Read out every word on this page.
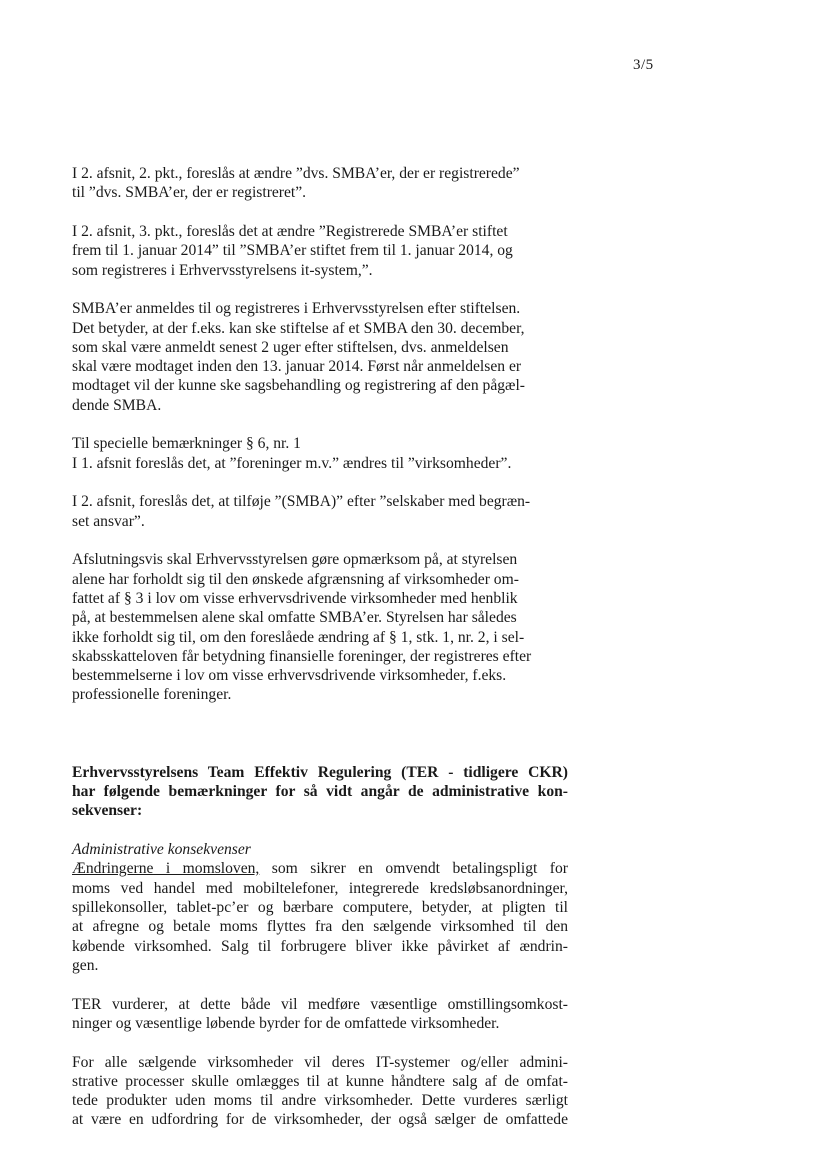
3/5

I 2. afsnit, 2. pkt., foreslås at ændre ”dvs. SMBA’er, der er registrerede”
til ”dvs. SMBA’er, der er registreret”.

I 2. afsnit, 3. pkt., foreslås det at ændre ”Registrerede SMBA’er stiftet
frem til 1. januar 2014” til ”SMBA’er stiftet frem til 1. januar 2014, og
som registreres i Erhvervsstyrelsens it-system,”.

SMBA’er anmeldes til og registreres i Erhvervsstyrelsen efter stiftelsen.
Det betyder, at der f.eks. kan ske stiftelse af et SMBA den 30. december,
som skal være anmeldt senest 2 uger efter stiftelsen, dvs. anmeldelsen
skal være modtaget inden den 13. januar 2014. Først når anmeldelsen er
modtaget vil der kunne ske sagsbehandling og registrering af den pågæl-
dende SMBA.

Til specielle bemærkninger § 6, nr. 1
I 1. afsnit foreslås det, at ”foreninger m.v.” ændres til ”virksomheder”.

I 2. afsnit, foreslås det, at tilføje ”(SMBA)” efter ”selskaber med begræn-
set ansvar”.

Afslutningsvis skal Erhvervsstyrelsen gøre opmærksom på, at styrelsen
alene har forholdt sig til den ønskede afgrænsning af virksomheder om-
fattet af § 3 i lov om visse erhvervsdrivende virksomheder med henblik
på, at bestemmelsen alene skal omfatte SMBA’er. Styrelsen har således
ikke forholdt sig til, om den foreslåede ændring af § 1, stk. 1, nr. 2, i sel-
skabsskatteloven får betydning finansielle foreninger, der registreres efter
bestemmelserne i lov om visse erhvervsdrivende virksomheder, f.eks.
professionelle foreninger.

Erhvervsstyrelsens Team Effektiv Regulering (TER - tidligere CKR)
har følgende bemærkninger for så vidt angår de administrative kon-
sekvenser:

Administrative konsekvenser
Ændringerne i momsloven, som sikrer en omvendt betalingspligt for
moms ved handel med mobiltelefoner, integrerede kredsløbsanordninger,
spillekonsoller, tablet-pc’er og bærbare computere, betyder, at pligten til
at afregne og betale moms flyttes fra den sælgende virksomhed til den
købende virksomhed. Salg til forbrugere bliver ikke påvirket af ændrin-
gen.

TER vurderer, at dette både vil medføre væsentlige omstillingsomkost-
ninger og væsentlige løbende byrder for de omfattede virksomheder.

For alle sælgende virksomheder vil deres IT-systemer og/eller admini-
strative processer skulle omlægges til at kunne håndtere salg af de omfat-
tede produkter uden moms til andre virksomheder. Dette vurderes særligt
at være en udfordring for de virksomheder, der også sælger de omfattede
